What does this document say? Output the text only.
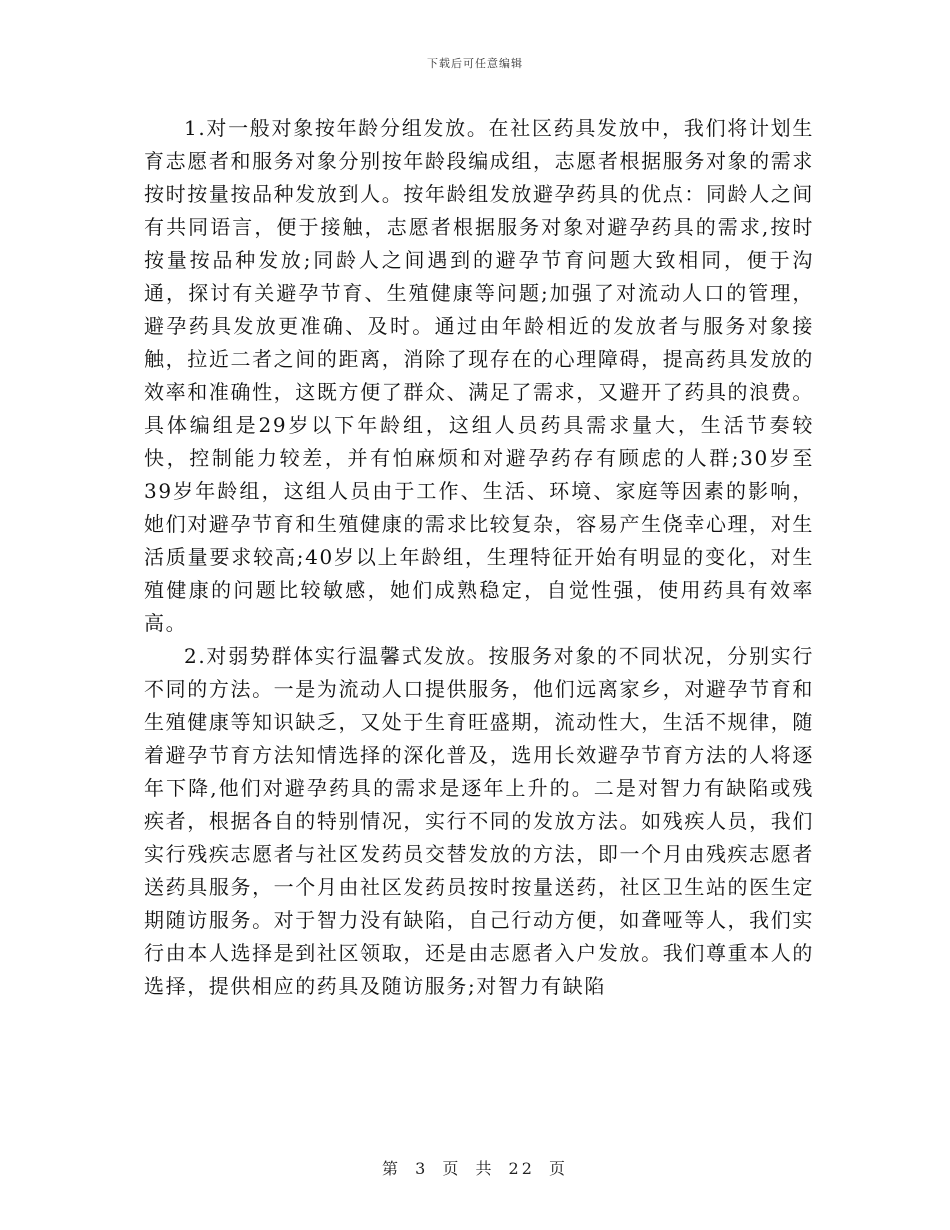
下载后可任意编辑

1.对一般对象按年龄分组发放。在社区药具发放中，我们将计划生育志愿者和服务对象分别按年龄段编成组，志愿者根据服务对象的需求按时按量按品种发放到人。按年龄组发放避孕药具的优点：同龄人之间有共同语言，便于接触，志愿者根据服务对象对避孕药具的需求,按时按量按品种发放;同龄人之间遇到的避孕节育问题大致相同，便于沟通，探讨有关避孕节育、生殖健康等问题;加强了对流动人口的管理，避孕药具发放更准确、及时。通过由年龄相近的发放者与服务对象接触，拉近二者之间的距离，消除了现存在的心理障碍，提高药具发放的效率和准确性，这既方便了群众、满足了需求，又避开了药具的浪费。具体编组是29岁以下年龄组，这组人员药具需求量大，生活节奏较快，控制能力较差，并有怕麻烦和对避孕药存有顾虑的人群;30岁至39岁年龄组，这组人员由于工作、生活、环境、家庭等因素的影响，她们对避孕节育和生殖健康的需求比较复杂，容易产生侥幸心理，对生活质量要求较高;40岁以上年龄组，生理特征开始有明显的变化，对生殖健康的问题比较敏感，她们成熟稳定，自觉性强，使用药具有效率高。

2.对弱势群体实行温馨式发放。按服务对象的不同状况，分别实行不同的方法。一是为流动人口提供服务，他们远离家乡，对避孕节育和生殖健康等知识缺乏，又处于生育旺盛期，流动性大，生活不规律，随着避孕节育方法知情选择的深化普及，选用长效避孕节育方法的人将逐年下降,他们对避孕药具的需求是逐年上升的。二是对智力有缺陷或残疾者，根据各自的特别情况，实行不同的发放方法。如残疾人员，我们实行残疾志愿者与社区发药员交替发放的方法，即一个月由残疾志愿者送药具服务，一个月由社区发药员按时按量送药，社区卫生站的医生定期随访服务。对于智力没有缺陷，自己行动方便，如聋哑等人，我们实行由本人选择是到社区领取，还是由志愿者入户发放。我们尊重本人的选择，提供相应的药具及随访服务;对智力有缺陷

第 3 页 共 22 页
